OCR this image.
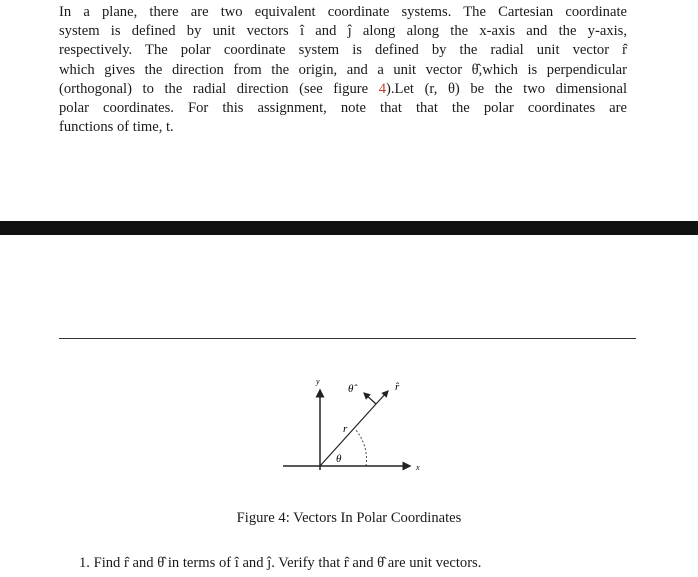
In a plane, there are two equivalent coordinate systems. The Cartesian coordinate
system is defined by unit vectors î and ĵ along along the x-axis and the y-axis,
respectively. The polar coordinate system is defined by the radial unit vector r̂
which gives the direction from the origin, and a unit vector θ̂,which is perpendicular
(orthogonal) to the radial direction (see figure 4).Let (r, θ) be the two dimensional
polar coordinates. For this assignment, note that that the polar coordinates are
functions of time, t.
y
x
θ̂	r̂
r⃗
θ
Figure 4: Vectors In Polar Coordinates
1. Find r̂ and θ̂ in terms of î and ĵ. Verify that r̂ and θ̂ are unit vectors.
